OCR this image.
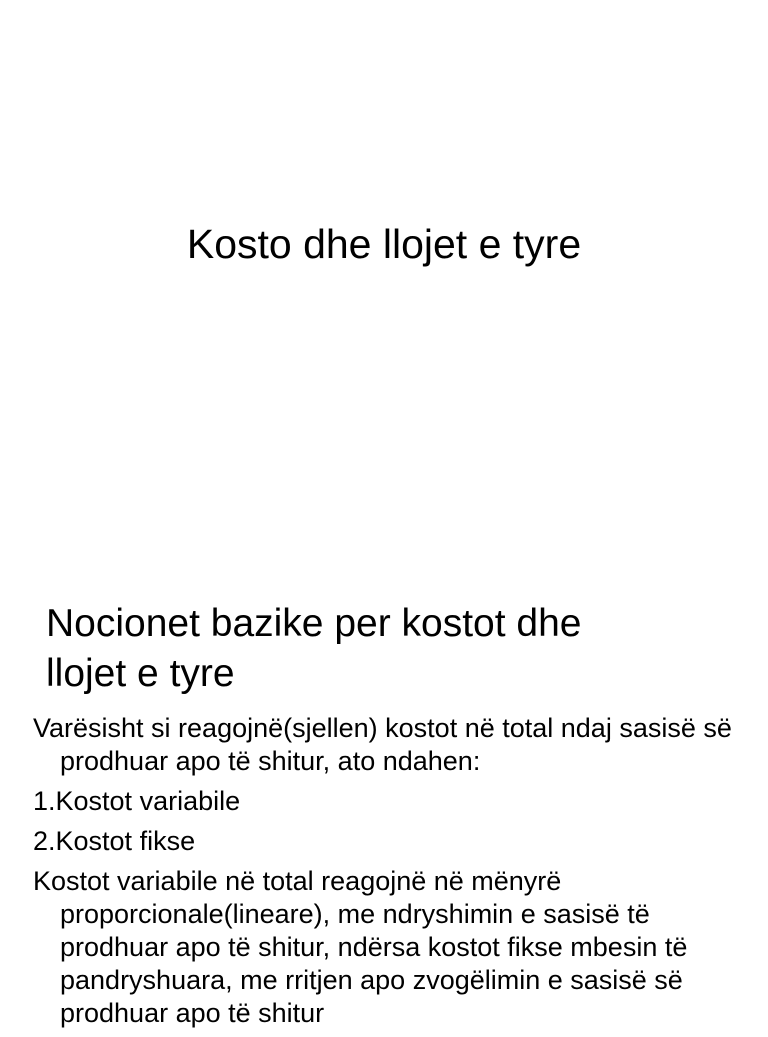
Kosto dhe llojet e tyre
Nocionet bazike per kostot dhe
llojet e tyre

Varësisht si reagojnë(sjellen) kostot në total ndaj sasisë së prodhuar apo të shitur, ato ndahen:

1.Kostot variabile

2.Kostot fikse

Kostot variabile në total reagojnë në mënyrë proporcionale(lineare), me ndryshimin e sasisë të prodhuar apo të shitur, ndërsa kostot fikse mbesin të pandryshuara, me rritjen apo zvogëlimin e sasisë së prodhuar apo të shitur
